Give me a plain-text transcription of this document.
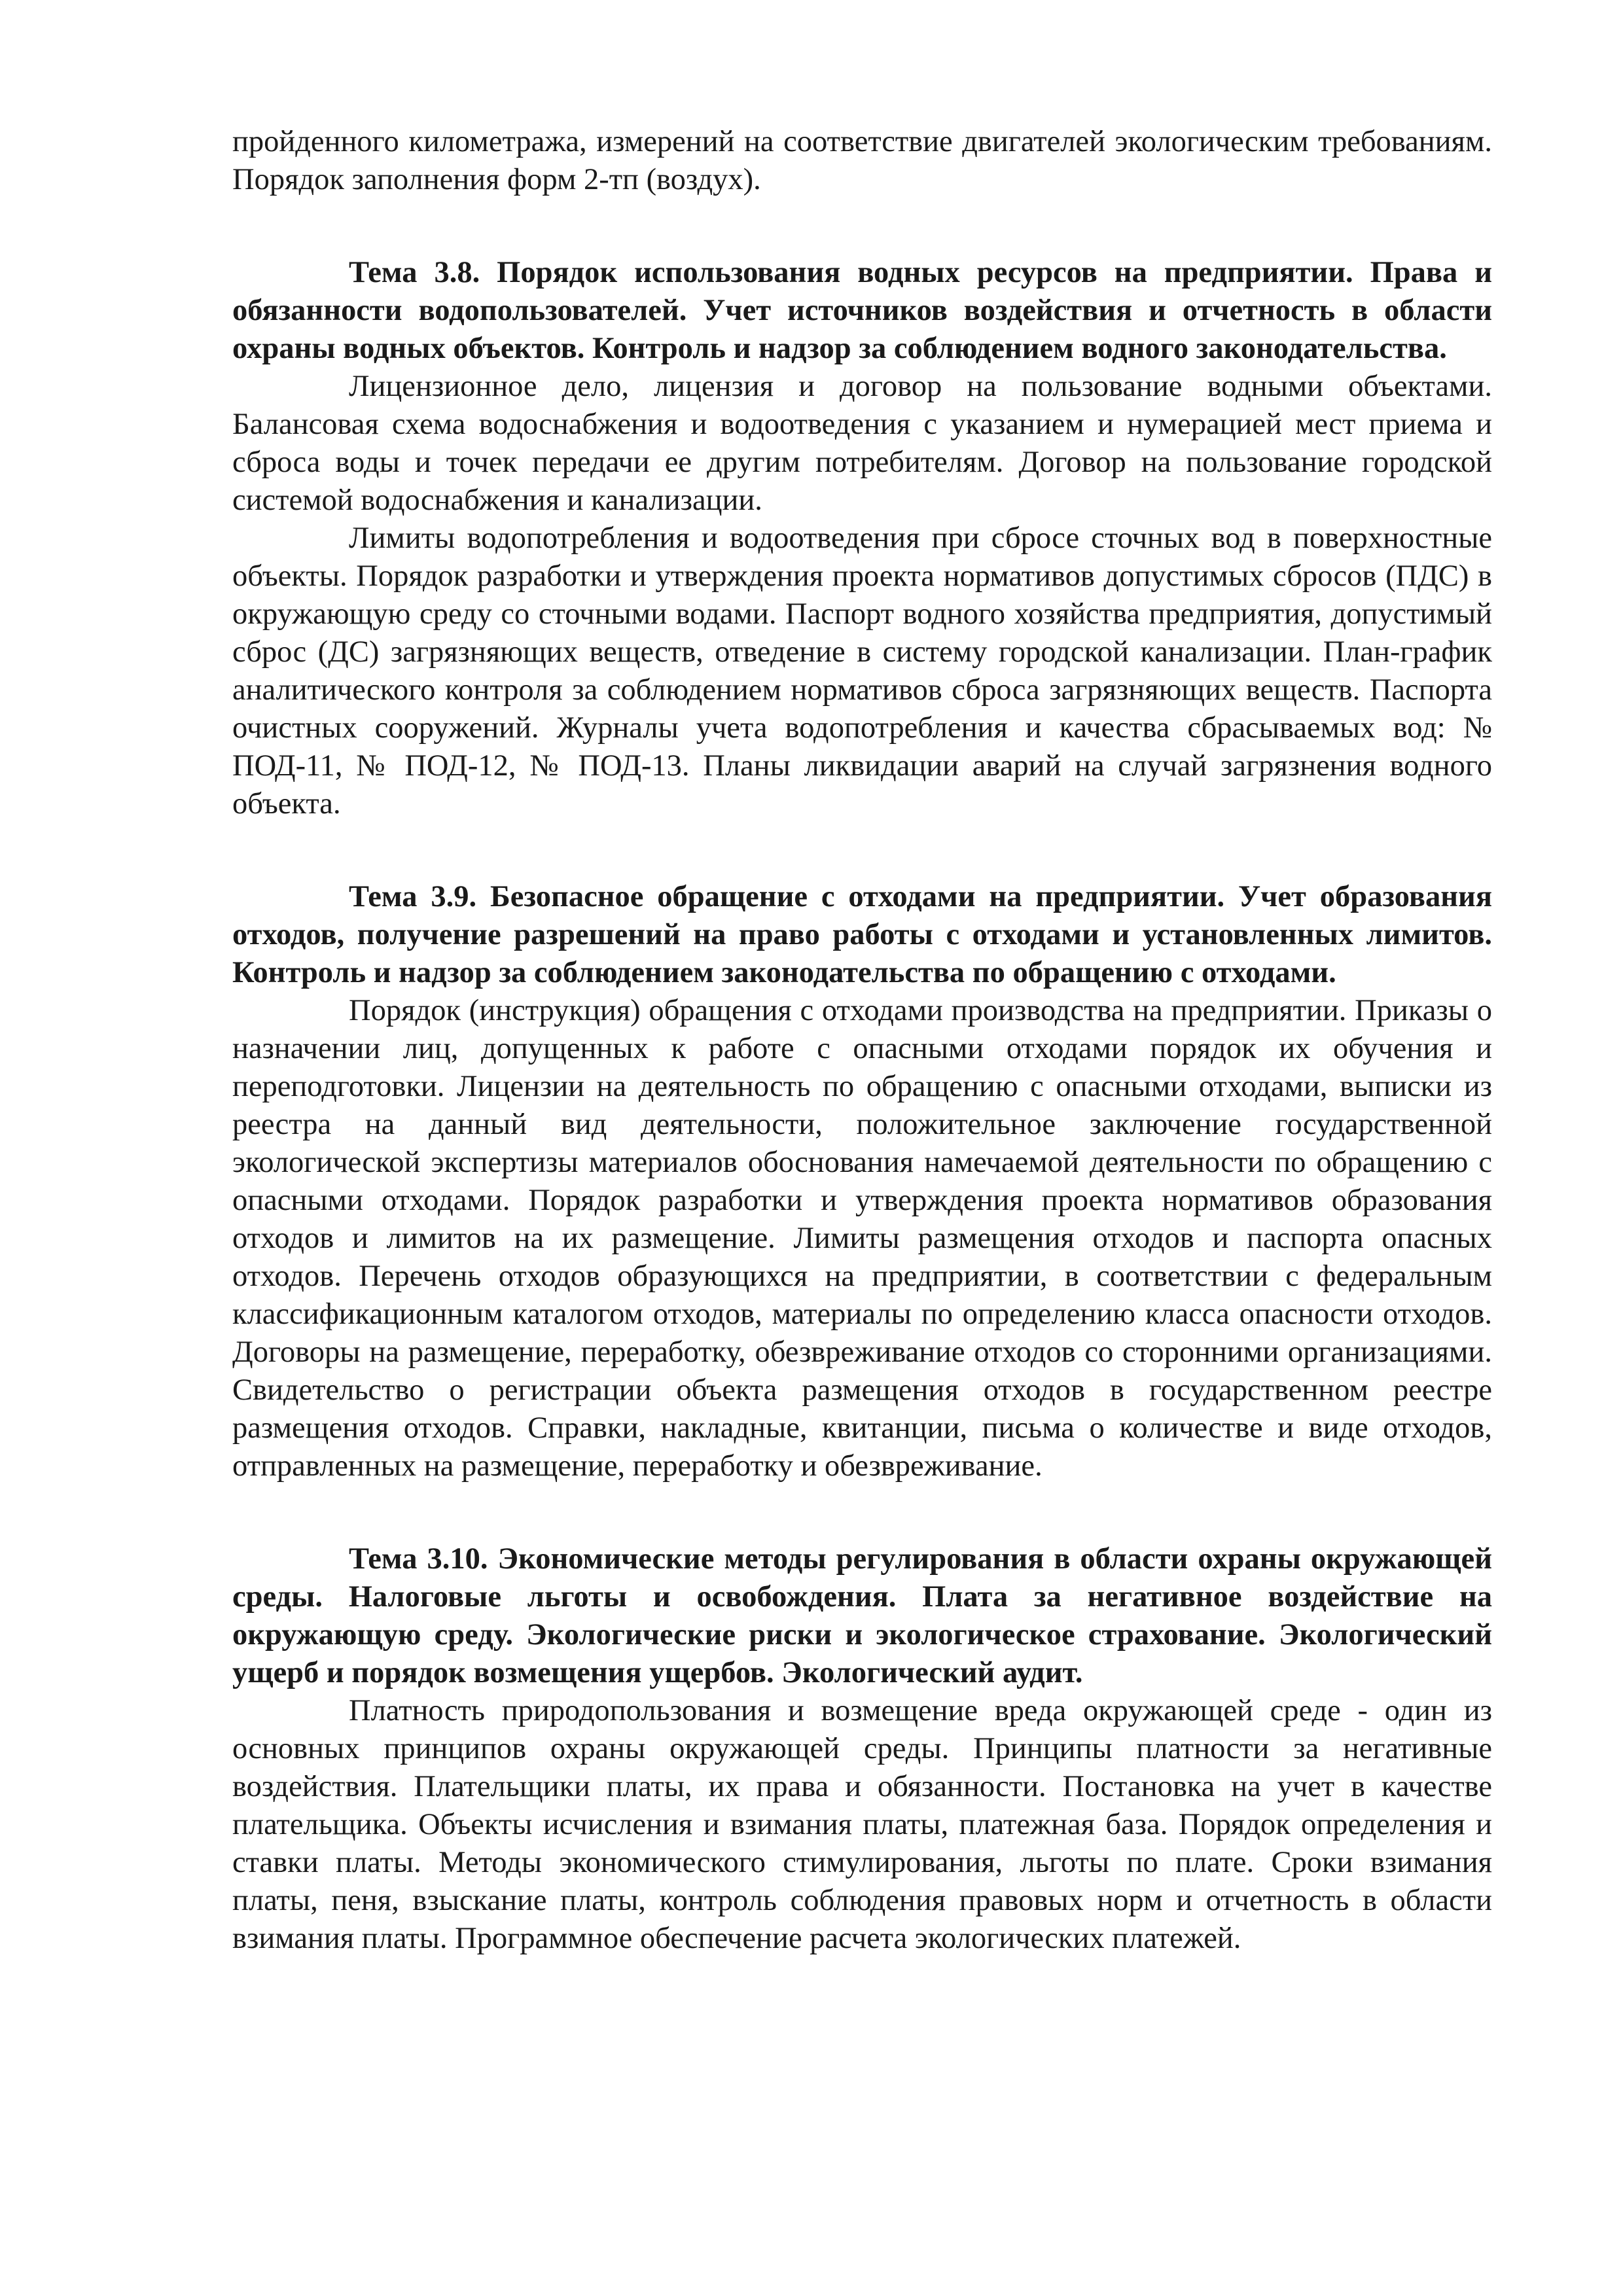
пройденного километража, измерений на соответствие двигателей экологическим требованиям. Порядок заполнения форм 2-тп (воздух).

Тема 3.8. Порядок использования водных ресурсов на предприятии. Права и обязанности водопользователей. Учет источников воздействия и отчетность в области охраны водных объектов. Контроль и надзор за соблюдением водного законодательства.

Лицензионное дело, лицензия и договор на пользование водными объектами. Балансовая схема водоснабжения и водоотведения с указанием и нумерацией мест приема и сброса воды и точек передачи ее другим потребителям. Договор на пользование городской системой водоснабжения и канализации.

Лимиты водопотребления и водоотведения при сбросе сточных вод в поверхностные объекты. Порядок разработки и утверждения проекта нормативов допустимых сбросов (ПДС) в окружающую среду со сточными водами. Паспорт водного хозяйства предприятия, допустимый сброс (ДС) загрязняющих веществ, отведение в систему городской канализации. План-график аналитического контроля за соблюдением нормативов сброса загрязняющих веществ. Паспорта очистных сооружений. Журналы учета водопотребления и качества сбрасываемых вод: № ПОД-11, № ПОД-12, № ПОД-13. Планы ликвидации аварий на случай загрязнения водного объекта.

Тема 3.9. Безопасное обращение с отходами на предприятии. Учет образования отходов, получение разрешений на право работы с отходами и установленных лимитов. Контроль и надзор за соблюдением законодательства по обращению с отходами.

Порядок (инструкция) обращения с отходами производства на предприятии. Приказы о назначении лиц, допущенных к работе с опасными отходами порядок их обучения и переподготовки. Лицензии на деятельность по обращению с опасными отходами, выписки из реестра на данный вид деятельности, положительное заключение государственной экологической экспертизы материалов обоснования намечаемой деятельности по обращению с опасными отходами. Порядок разработки и утверждения проекта нормативов образования отходов и лимитов на их размещение. Лимиты размещения отходов и паспорта опасных отходов. Перечень отходов образующихся на предприятии, в соответствии с федеральным классификационным каталогом отходов, материалы по определению класса опасности отходов. Договоры на размещение, переработку, обезвреживание отходов со сторонними организациями. Свидетельство о регистрации объекта размещения отходов в государственном реестре размещения отходов. Справки, накладные, квитанции, письма о количестве и виде отходов, отправленных на размещение, переработку и обезвреживание.

Тема 3.10. Экономические методы регулирования в области охраны окружающей среды. Налоговые льготы и освобождения. Плата за негативное воздействие на окружающую среду. Экологические риски и экологическое страхование. Экологический ущерб и порядок возмещения ущербов. Экологический аудит.

Платность природопользования и возмещение вреда окружающей среде - один из основных принципов охраны окружающей среды. Принципы платности за негативные воздействия. Плательщики платы, их права и обязанности. Постановка на учет в качестве плательщика. Объекты исчисления и взимания платы, платежная база. Порядок определения и ставки платы. Методы экономического стимулирования, льготы по плате. Сроки взимания платы, пеня, взыскание платы, контроль соблюдения правовых норм и отчетность в области взимания платы. Программное обеспечение расчета экологических платежей.
